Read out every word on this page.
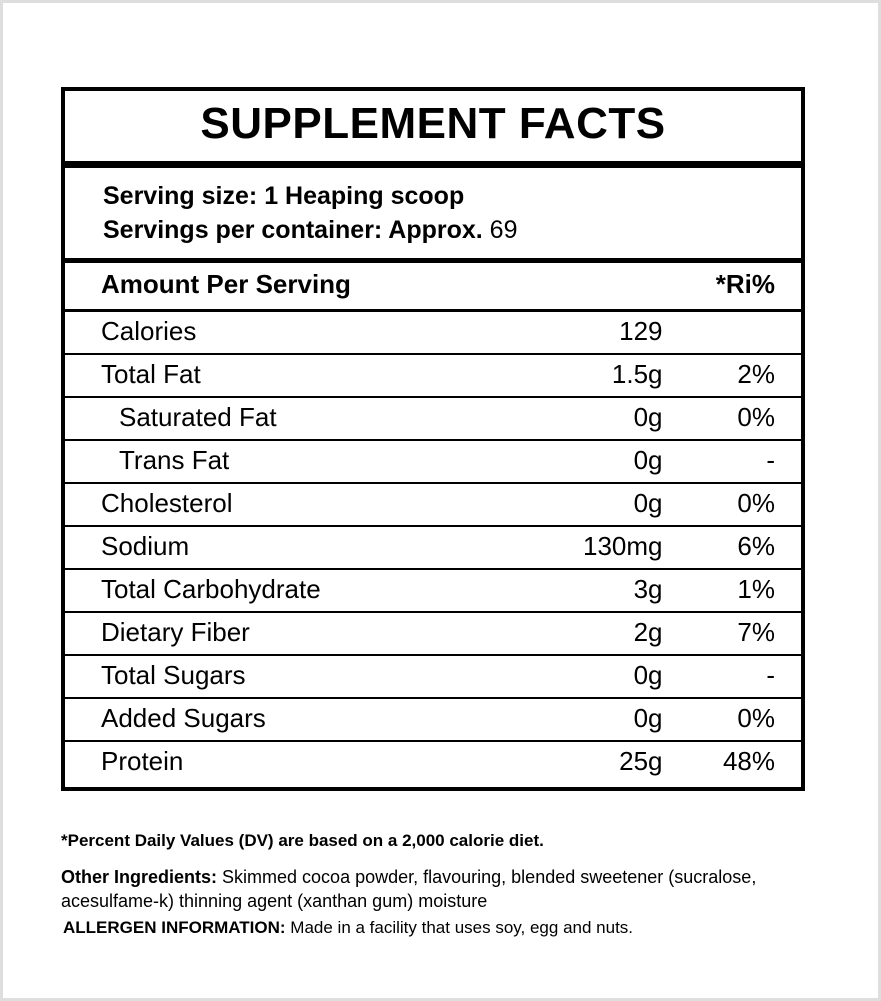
SUPPLEMENT FACTS
Serving size: 1 Heaping scoop
Servings per container: Approx. 69
Amount Per Serving		*Ri%
Calories	129	
Total Fat	1.5g	2%
Saturated Fat	0g	0%
Trans Fat	0g	-
Cholesterol	0g	0%
Sodium	130mg	6%
Total Carbohydrate	3g	1%
Dietary Fiber	2g	7%
Total Sugars	0g	-
Added Sugars	0g	0%
Protein	25g	48%
*Percent Daily Values (DV) are based on a 2,000 calorie diet.
Other Ingredients: Skimmed cocoa powder, flavouring, blended sweetener (sucralose, acesulfame-k) thinning agent (xanthan gum) moisture
ALLERGEN INFORMATION: Made in a facility that uses soy, egg and nuts.
